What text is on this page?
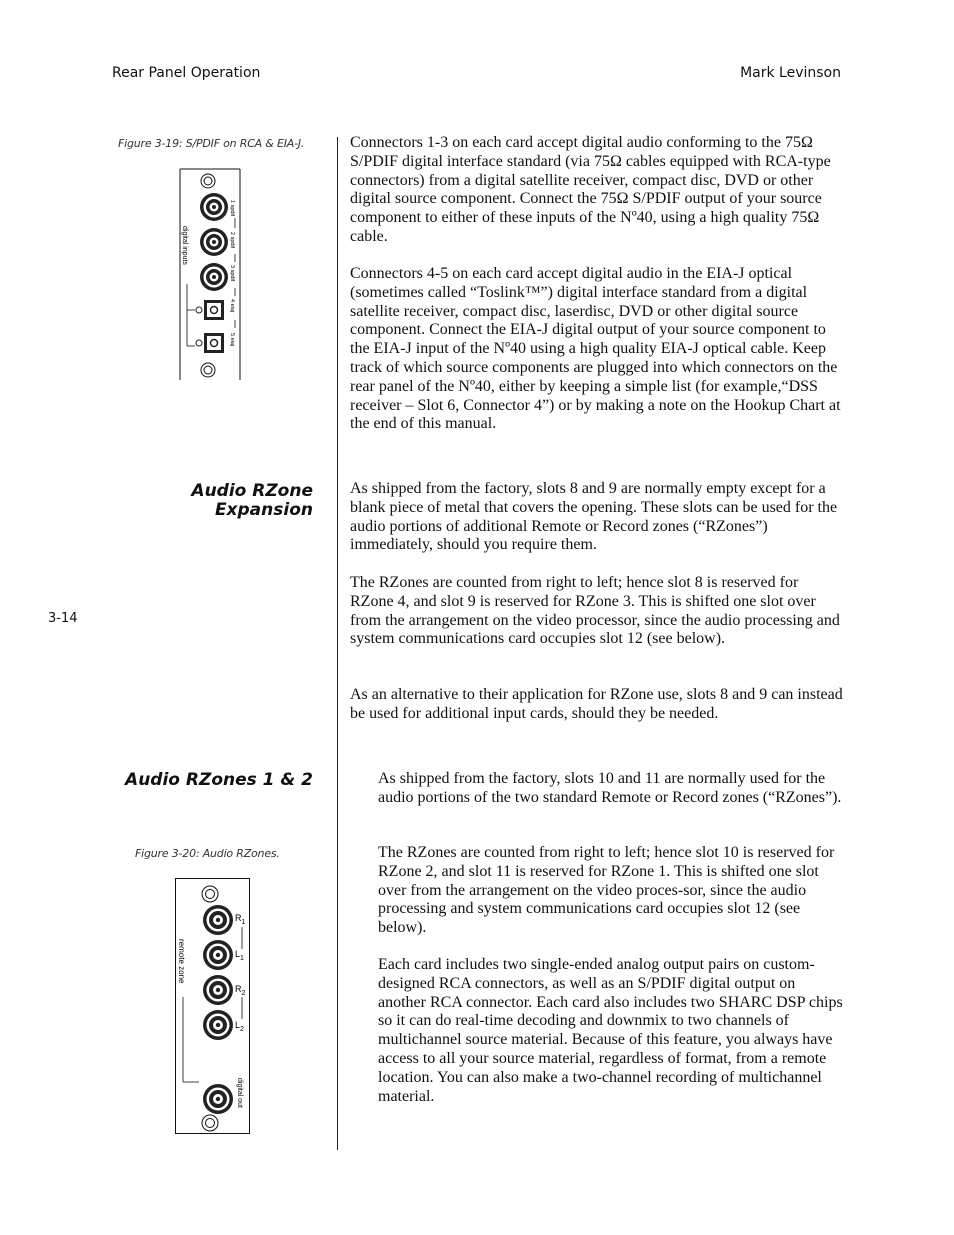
Rear Panel Operation	Mark Levinson
3-14
Figure 3-19: S/PDIF on RCA & EIA-J.
digital inputs
1 spdif
2 spdif
3 spdif
4 eiaj
5 eiaj

Connectors 1-3 on each card accept digital audio conforming to the 75Ω S/PDIF digital interface standard (via 75Ω cables equipped with RCA-type connectors) from a digital satellite receiver, compact disc, DVD or other digital source component. Connect the 75Ω S/PDIF output of your source component to either of these inputs of the Nº40, using a high quality 75Ω cable.

Connectors 4-5 on each card accept digital audio in the EIA-J optical (sometimes called “Toslink™”) digital interface standard from a digital satellite receiver, compact disc, laserdisc, DVD or other digital source component. Connect the EIA-J digital output of your source component to the EIA-J input of the Nº40 using a high quality EIA-J optical cable. Keep track of which source components are plugged into which connectors on the rear panel of the Nº40, either by keeping a simple list (for example,“DSS receiver – Slot 6, Connector 4”) or by making a note on the Hookup Chart at the end of this manual.

Audio RZone
Expansion

As shipped from the factory, slots 8 and 9 are normally empty except for a blank piece of metal that covers the opening. These slots can be used for the audio portions of additional Remote or Record zones (“RZones”) immediately, should you require them.

The RZones are counted from right to left; hence slot 8 is reserved for RZone 4, and slot 9 is reserved for RZone 3. This is shifted one slot over from the arrangement on the video processor, since the audio processing and system communications card occupies slot 12 (see below).

As an alternative to their application for RZone use, slots 8 and 9 can instead be used for additional input cards, should they be needed.

Audio RZones 1 & 2	As shipped from the factory, slots 10 and 11 are normally used for the audio portions of the two standard Remote or Record zones (“RZones”).

The RZones are counted from right to left; hence slot 10 is reserved for RZone 2, and slot 11 is reserved for RZone 1. This is shifted one slot over from the arrangement on the video proces-sor, since the audio processing and system communications card occupies slot 12 (see below).

Each card includes two single-ended analog output pairs on custom-designed RCA connectors, as well as an S/PDIF digital output on another RCA connector. Each card also includes two SHARC DSP chips so it can do real-time decoding and downmix to two channels of multichannel source material. Because of this feature, you always have access to all your source material, regardless of format, from a remote location. You can also make a two-channel recording of multichannel material.

Figure 3-20: Audio RZones.
remote zone
$R_1$
$L_1$
$R_2$
$L_2$
digital out
